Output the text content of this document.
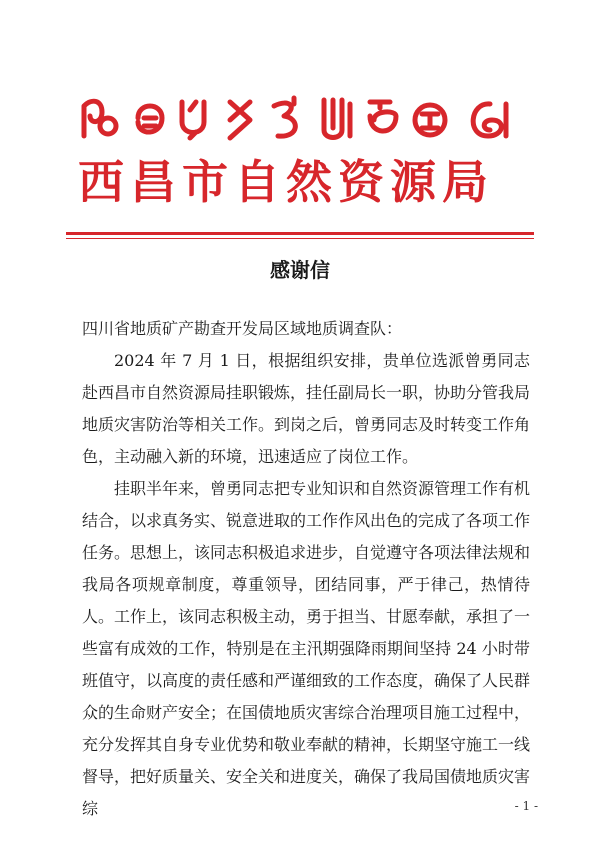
西昌市自然资源局
感谢信

四川省地质矿产勘查开发局区域地质调查队：

2024 年 7 月 1 日，根据组织安排，贵单位选派曾勇同志赴西昌市自然资源局挂职锻炼，挂任副局长一职，协助分管我局地质灾害防治等相关工作。到岗之后，曾勇同志及时转变工作角色，主动融入新的环境，迅速适应了岗位工作。

挂职半年来，曾勇同志把专业知识和自然资源管理工作有机结合，以求真务实、锐意进取的工作作风出色的完成了各项工作任务。思想上，该同志积极追求进步，自觉遵守各项法律法规和我局各项规章制度，尊重领导，团结同事，严于律己，热情待人。工作上，该同志积极主动，勇于担当、甘愿奉献，承担了一些富有成效的工作，特别是在主汛期强降雨期间坚持 24 小时带班值守，以高度的责任感和严谨细致的工作态度，确保了人民群众的生命财产安全；在国债地质灾害综合治理项目施工过程中，充分发挥其自身专业优势和敬业奉献的精神，长期坚守施工一线督导，把好质量关、安全关和进度关，确保了我局国债地质灾害综	- 1 -
